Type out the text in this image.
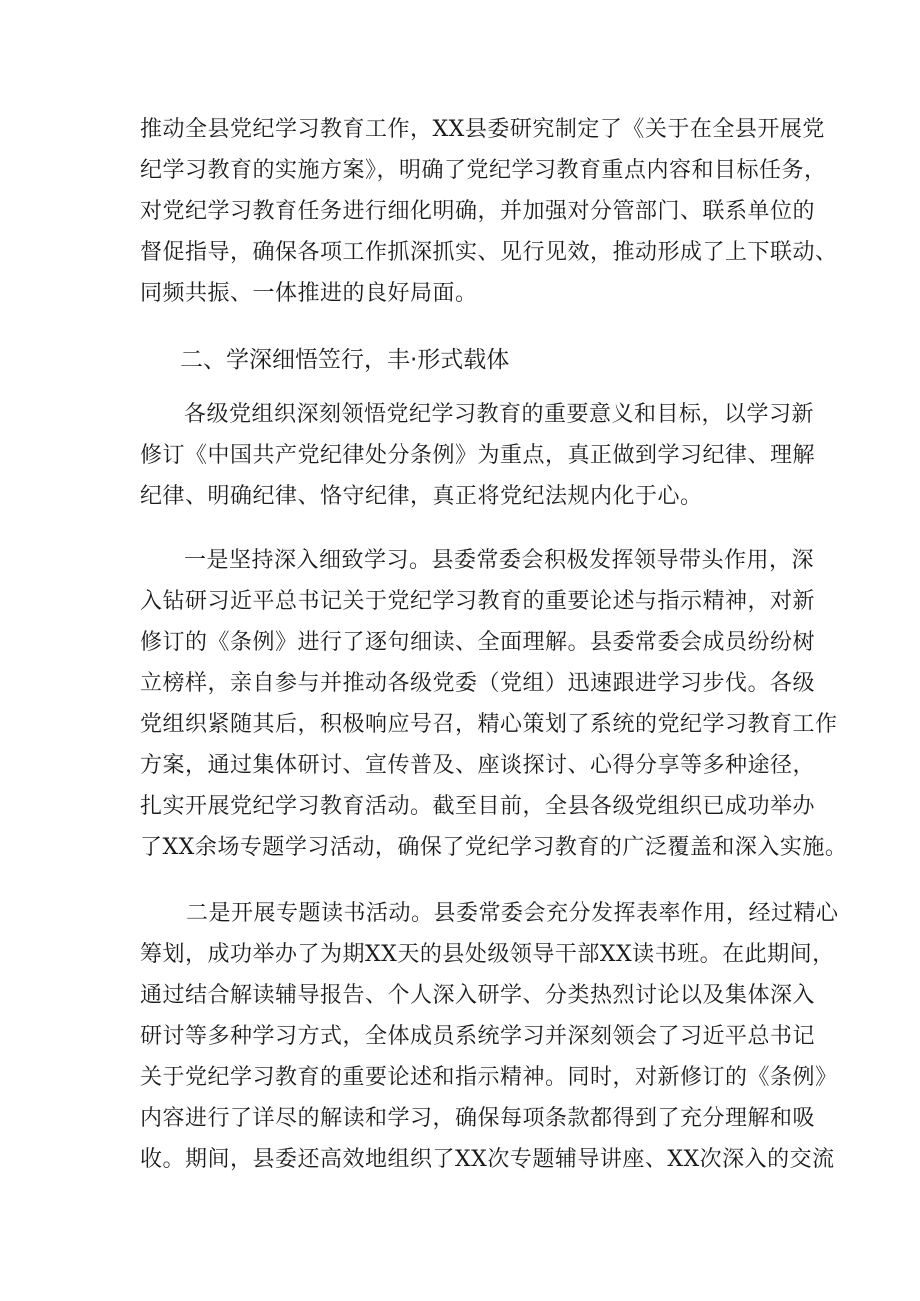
推动全县党纪学习教育工作，XX县委研究制定了《关于在全县开展党
纪学习教育的实施方案》，明确了党纪学习教育重点内容和目标任务，
对党纪学习教育任务进行细化明确，并加强对分管部门、联系单位的
督促指导，确保各项工作抓深抓实、见行见效，推动形成了上下联动、
同频共振、一体推进的良好局面。
二、学深细悟笠行，丰·形式载体
各级党组织深刻领悟党纪学习教育的重要意义和目标，以学习新
修订《中国共产党纪律处分条例》为重点，真正做到学习纪律、理解
纪律、明确纪律、恪守纪律，真正将党纪法规内化于心。
一是坚持深入细致学习。县委常委会积极发挥领导带头作用，深
入钻研习近平总书记关于党纪学习教育的重要论述与指示精神，对新
修订的《条例》进行了逐句细读、全面理解。县委常委会成员纷纷树
立榜样，亲自参与并推动各级党委（党组）迅速跟进学习步伐。各级
党组织紧随其后，积极响应号召，精心策划了系统的党纪学习教育工作
方案，通过集体研讨、宣传普及、座谈探讨、心得分享等多种途径，
扎实开展党纪学习教育活动。截至目前，全县各级党组织已成功举办
了XX余场专题学习活动，确保了党纪学习教育的广泛覆盖和深入实施。
二是开展专题读书活动。县委常委会充分发挥表率作用，经过精心
筹划，成功举办了为期XX天的县处级领导干部XX读书班。在此期间，
通过结合解读辅导报告、个人深入研学、分类热烈讨论以及集体深入
研讨等多种学习方式，全体成员系统学习并深刻领会了习近平总书记
关于党纪学习教育的重要论述和指示精神。同时，对新修订的《条例》
内容进行了详尽的解读和学习，确保每项条款都得到了充分理解和吸
收。期间，县委还高效地组织了XX次专题辅导讲座、XX次深入的交流
